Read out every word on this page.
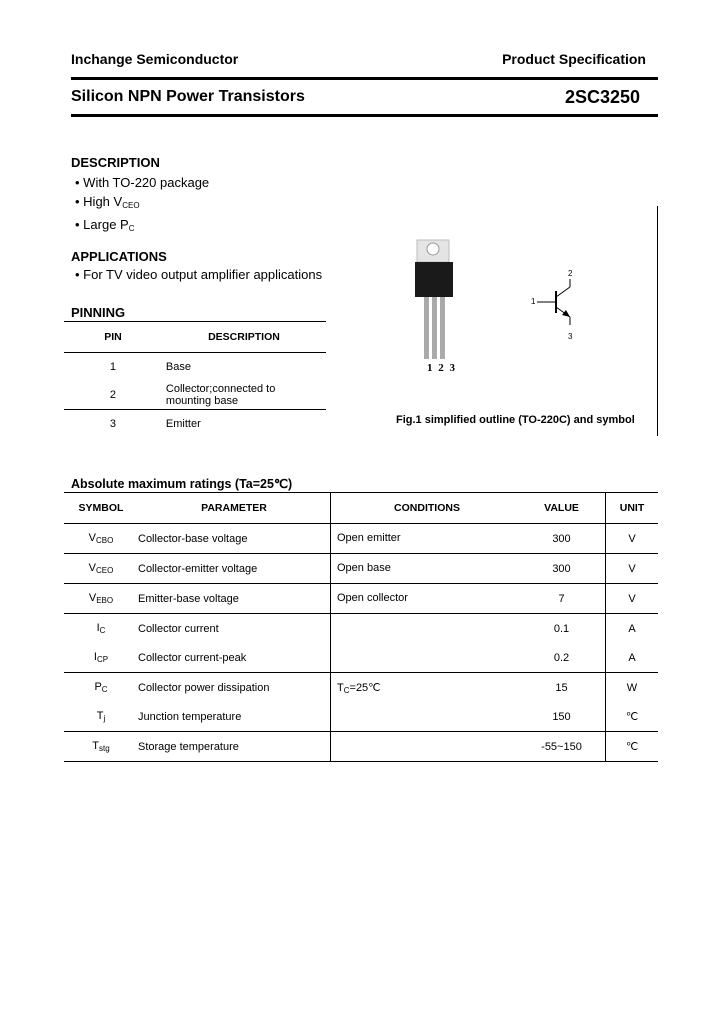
Inchange Semiconductor	Product Specification
Silicon NPN Power Transistors	2SC3250
DESCRIPTION
• With TO-220 package
• High $V_{CEO}$
• Large $P_C$
APPLICATIONS
• For TV video output amplifier applications
PINNING
PIN	DESCRIPTION
1	Base
2	Collector;connected to mounting base

3	Emitter
1 2 3
1
2
3
Fig.1 simplified outline (TO-220C) and symbol
Absolute maximum ratings (Ta=25℃)
SYMBOL	PARAMETER	CONDITIONS	VALUE	UNIT
$V_{CBO}$	Collector-base voltage	Open emitter	300	V
$V_{CEO}$	Collector-emitter voltage	Open base	300	V
$V_{EBO}$	Emitter-base voltage	Open collector	7	V
$I_C$	Collector current		0.1	A
$I_{CP}$	Collector current-peak		0.2	A
$P_C$	Collector power dissipation	$T_C=25℃$	15	W
$T_j$	Junction temperature		150	℃
$T_{stg}$	Storage temperature		-55~150	℃
